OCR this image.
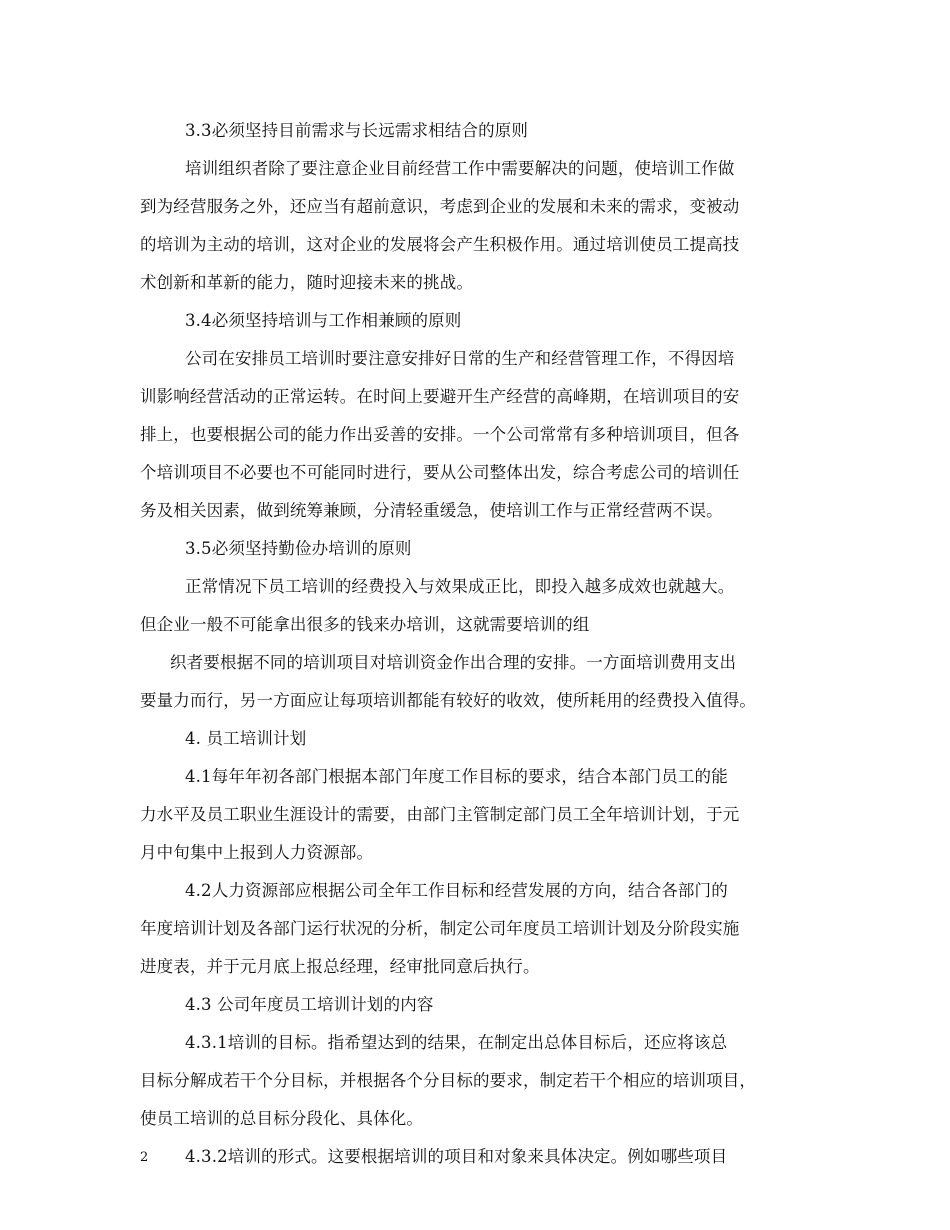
3.3必须坚持目前需求与长远需求相结合的原则
培训组织者除了要注意企业目前经营工作中需要解决的问题，使培训工作做
到为经营服务之外，还应当有超前意识，考虑到企业的发展和未来的需求，变被动
的培训为主动的培训，这对企业的发展将会产生积极作用。通过培训使员工提高技
术创新和革新的能力，随时迎接未来的挑战。
3.4必须坚持培训与工作相兼顾的原则
公司在安排员工培训时要注意安排好日常的生产和经营管理工作，不得因培
训影响经营活动的正常运转。在时间上要避开生产经营的高峰期，在培训项目的安
排上，也要根据公司的能力作出妥善的安排。一个公司常常有多种培训项目，但各
个培训项目不必要也不可能同时进行，要从公司整体出发，综合考虑公司的培训任
务及相关因素，做到统筹兼顾，分清轻重缓急，使培训工作与正常经营两不误。
3.5必须坚持勤俭办培训的原则
正常情况下员工培训的经费投入与效果成正比，即投入越多成效也就越大。
但企业一般不可能拿出很多的钱来办培训，这就需要培训的组
织者要根据不同的培训项目对培训资金作出合理的安排。一方面培训费用支出
要量力而行，另一方面应让每项培训都能有较好的收效，使所耗用的经费投入值得。
4. 员工培训计划
4.1每年年初各部门根据本部门年度工作目标的要求，结合本部门员工的能
力水平及员工职业生涯设计的需要，由部门主管制定部门员工全年培训计划，于元
月中旬集中上报到人力资源部。
4.2人力资源部应根据公司全年工作目标和经营发展的方向，结合各部门的
年度培训计划及各部门运行状况的分析，制定公司年度员工培训计划及分阶段实施
进度表，并于元月底上报总经理，经审批同意后执行。
4.3 公司年度员工培训计划的内容
4.3.1培训的目标。指希望达到的结果，在制定出总体目标后，还应将该总
目标分解成若干个分目标，并根据各个分目标的要求，制定若干个相应的培训项目，
使员工培训的总目标分段化、具体化。
4.3.2培训的形式。这要根据培训的项目和对象来具体决定。例如哪些项目
2
